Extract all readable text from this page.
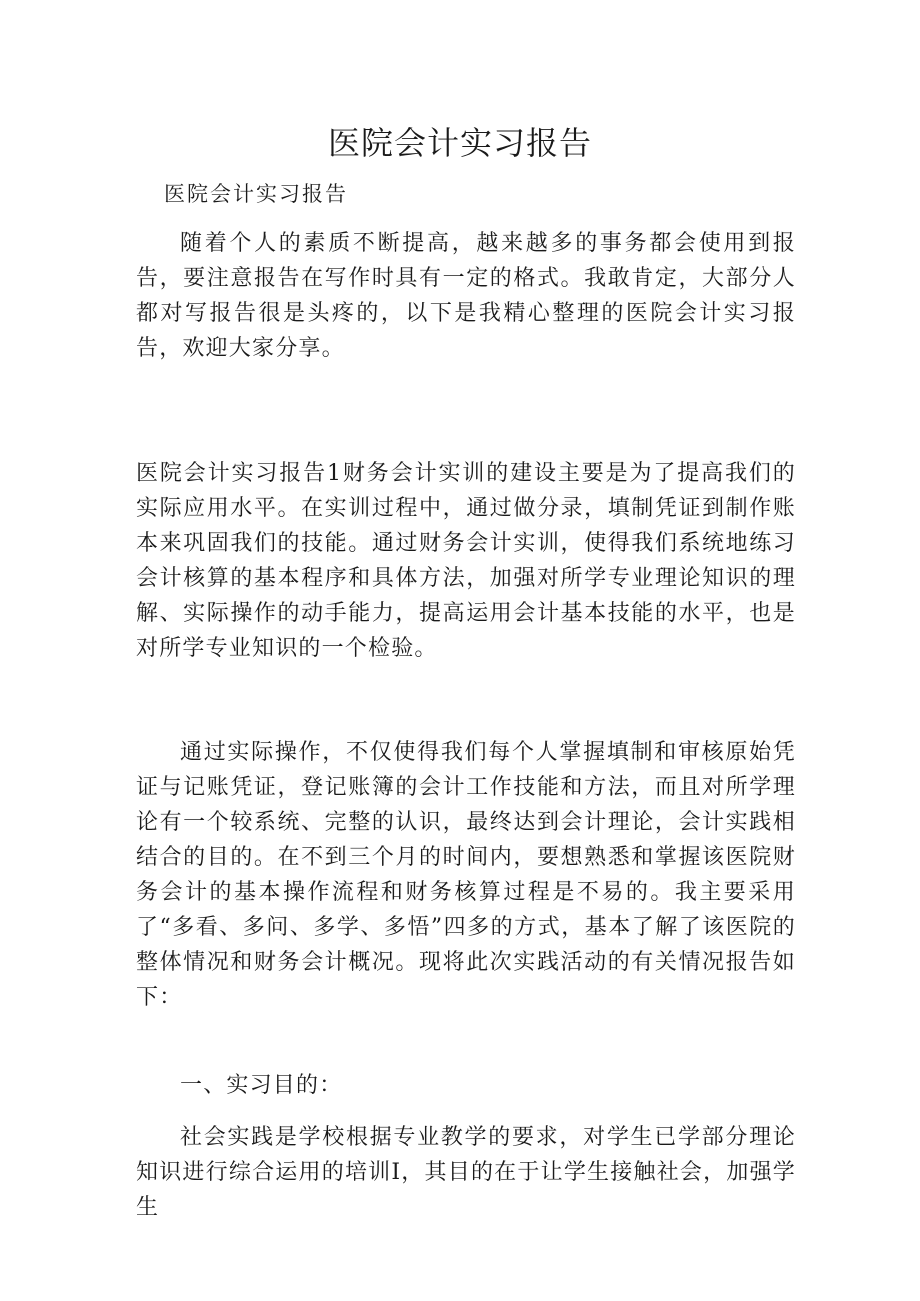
医院会计实习报告
医院会计实习报告
随着个人的素质不断提高，越来越多的事务都会使用到报告，要注意报告在写作时具有一定的格式。我敢肯定，大部分人都对写报告很是头疼的，以下是我精心整理的医院会计实习报告，欢迎大家分享。
医院会计实习报告1财务会计实训的建设主要是为了提高我们的实际应用水平。在实训过程中，通过做分录，填制凭证到制作账本来巩固我们的技能。通过财务会计实训，使得我们系统地练习会计核算的基本程序和具体方法，加强对所学专业理论知识的理解、实际操作的动手能力，提高运用会计基本技能的水平，也是对所学专业知识的一个检验。
通过实际操作，不仅使得我们每个人掌握填制和审核原始凭证与记账凭证，登记账簿的会计工作技能和方法，而且对所学理论有一个较系统、完整的认识，最终达到会计理论，会计实践相结合的目的。在不到三个月的时间内，要想熟悉和掌握该医院财务会计的基本操作流程和财务核算过程是不易的。我主要采用了“多看、多问、多学、多悟”四多的方式，基本了解了该医院的整体情况和财务会计概况。现将此次实践活动的有关情况报告如下：
一、实习目的：
社会实践是学校根据专业教学的要求，对学生已学部分理论知识进行综合运用的培训I，其目的在于让学生接触社会，加强学生
